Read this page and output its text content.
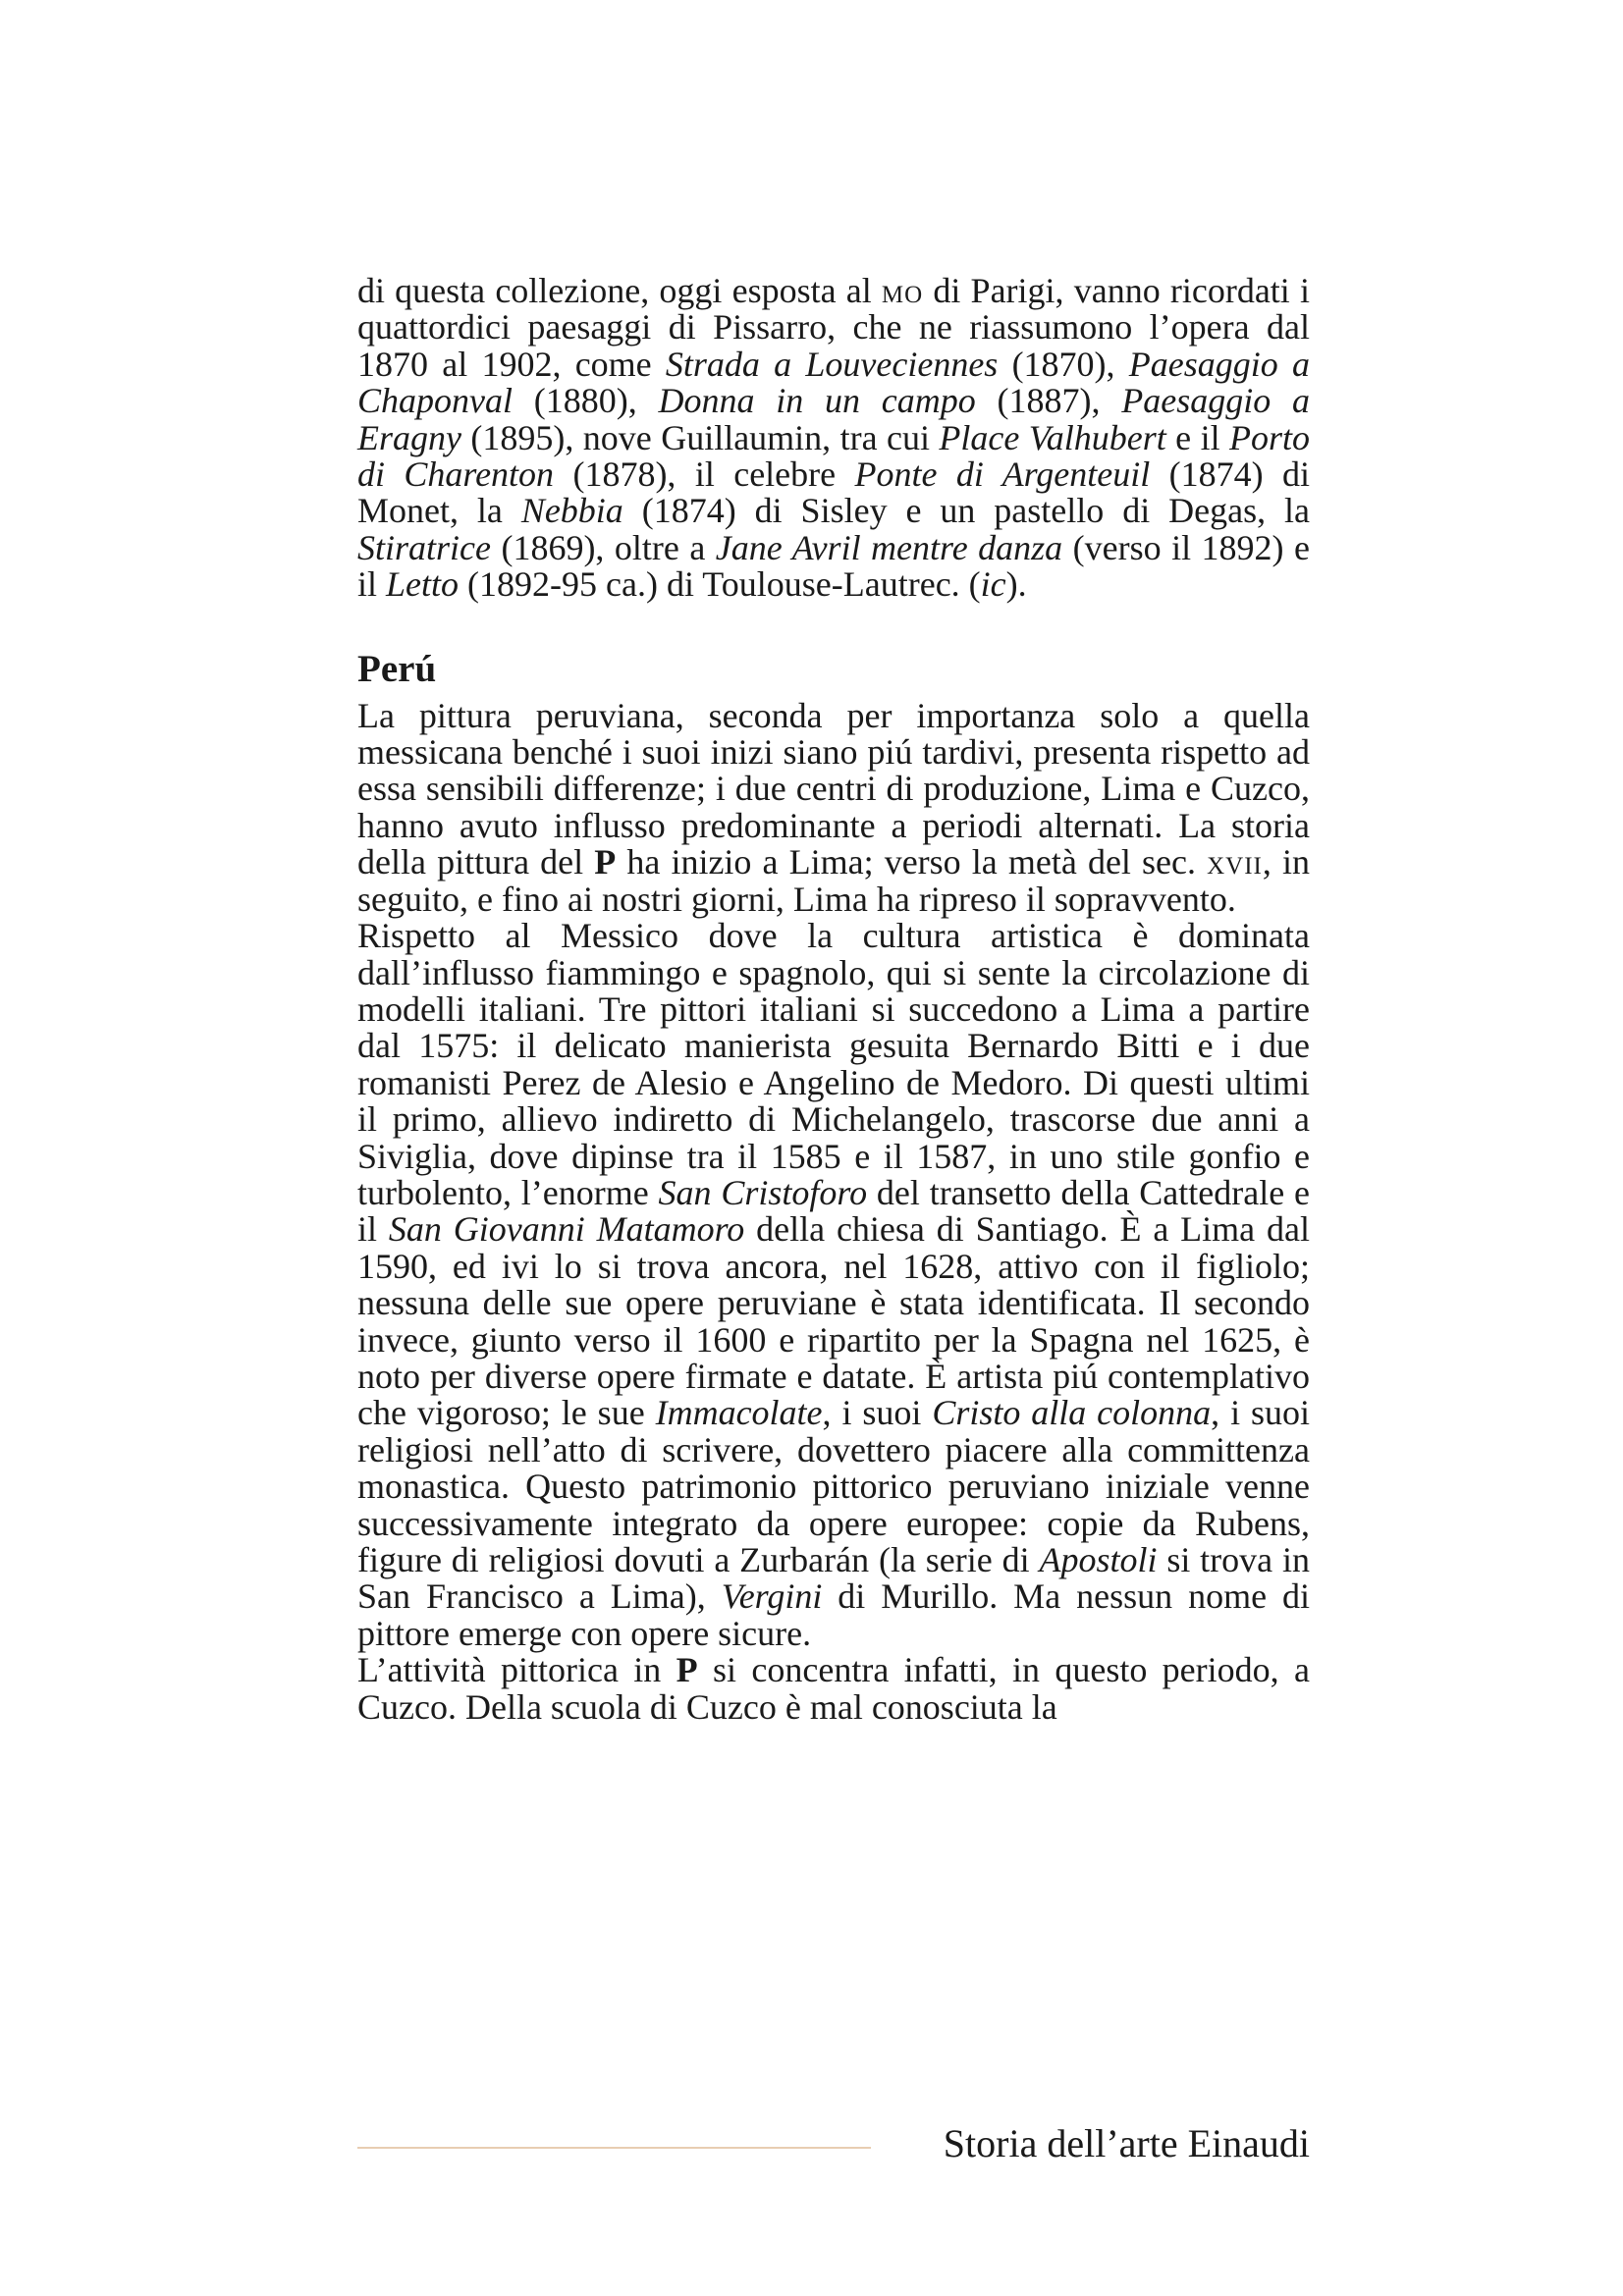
di questa collezione, oggi esposta al mo di Parigi, vanno ricordati i quattordici paesaggi di Pissarro, che ne riassumono l’opera dal 1870 al 1902, come Strada a Louveciennes (1870), Paesaggio a Chaponval (1880), Donna in un campo (1887), Paesaggio a Eragny (1895), nove Guillaumin, tra cui Place Valhubert e il Porto di Charenton (1878), il celebre Ponte di Argenteuil (1874) di Monet, la Nebbia (1874) di Sisley e un pastello di Degas, la Stiratrice (1869), oltre a Jane Avril mentre danza (verso il 1892) e il Letto (1892-95 ca.) di Toulouse-Lautrec. (ic).

Perú

La pittura peruviana, seconda per importanza solo a quella messicana benché i suoi inizi siano piú tardivi, presenta rispetto ad essa sensibili differenze; i due centri di produzione, Lima e Cuzco, hanno avuto influsso predominante a periodi alternati. La storia della pittura del P ha inizio a Lima; verso la metà del sec. xvii, in seguito, e fino ai nostri giorni, Lima ha ripreso il sopravvento.

Rispetto al Messico dove la cultura artistica è dominata dall’influsso fiammingo e spagnolo, qui si sente la circolazione di modelli italiani. Tre pittori italiani si succedono a Lima a partire dal 1575: il delicato manierista gesuita Bernardo Bitti e i due romanisti Perez de Alesio e Angelino de Medoro. Di questi ultimi il primo, allievo indiretto di Michelangelo, trascorse due anni a Siviglia, dove dipinse tra il 1585 e il 1587, in uno stile gonfio e turbolento, l’enorme San Cristoforo del transetto della Cattedrale e il San Giovanni Matamoro della chiesa di Santiago. È a Lima dal 1590, ed ivi lo si trova ancora, nel 1628, attivo con il figliolo; nessuna delle sue opere peruviane è stata identificata. Il secondo invece, giunto verso il 1600 e ripartito per la Spagna nel 1625, è noto per diverse opere firmate e datate. È artista piú contemplativo che vigoroso; le sue Immacolate, i suoi Cristo alla colonna, i suoi religiosi nell’atto di scrivere, dovettero piacere alla committenza monastica. Questo patrimonio pittorico peruviano iniziale venne successivamente integrato da opere europee: copie da Rubens, figure di religiosi dovuti a Zurbarán (la serie di Apostoli si trova in San Francisco a Lima), Vergini di Murillo. Ma nessun nome di pittore emerge con opere sicure.

L’attività pittorica in P si concentra infatti, in questo periodo, a Cuzco. Della scuola di Cuzco è mal conosciuta la

Storia dell’arte Einaudi
